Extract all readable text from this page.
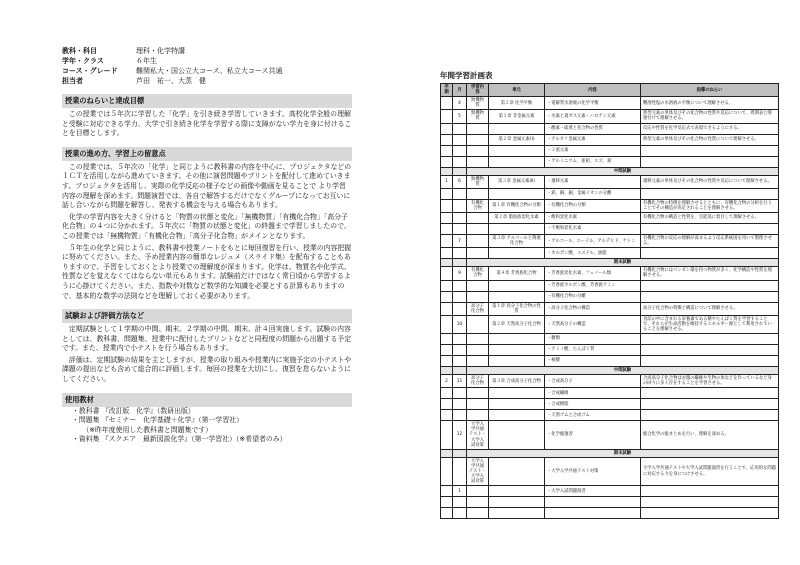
教科・科目	理科・化学特講
学年・クラス	６年生
コース・グレード	難関私大・国公立大コース、私立大コース共通
担当者	芦田　祐一、大蒸　健
授業のねらいと達成目標
この授業では５年次に学習した「化学」を引き続き学習していきます。高校化学全般の理解と受験に対応できる学力、大学で引き続き化学を学習する際に支障がない学力を身に付けることを目標とします。
授業の進め方、学習上の留意点
この授業では、５年次の「化学」と同じように教科書の内容を中心に、プロジェクタなどのＩＣＴを活用しながら進めていきます。その他に演習問題やプリントを配付して進めていきます。プロジェクタを活用し、実際の化学反応の様子などの画像や動画を見ることで より学習内容の理解を深めます。問題演習では、各自で解答するだけでなくグループになってお互いに話し合いながら問題を解答し、発表する機会を与える場合もあります。
化学の学習内容を大きく分けると「物質の状態と変化」「無機物質」「有機化合物」「高分子化合物」の４つに分かれます。５年次に「物質の状態と変化」の終盤まで学習しましたので、この授業では「無機物質」「有機化合物」「高分子化合物」がメインとなります。
５年生の化学と同じように、教科書や授業ノートをもとに毎回復習を行い、授業の内容把握に努めてください。また、予め授業内容の簡単なレジュメ（スライド集）を配布することもありますので、予習をしておくとより授業での理解度が深まります。化学は、物質名や化学式、性質などを覚えなくてはならない単元もあります。試験前だけではなく常日頃から学習するように心掛けてください。また、指数や対数など数学的な知識を必要とする計算もありますので、基本的な数学の法則などを理解しておく必要があります。
試験および評価方法など
定期試験として１学期の中間、期末、２学期の中間、期末、計４回実施します。試験の内容としては、教科書、問題集、授業中に配付したプリントなどと同程度の問題から出題する予定です。また、授業内で小テストを行う場合もあります。
評価は、定期試験の結果を主としますが、授業の取り組みや授業内に実施予定の小テストや課題の提出なども含めて総合的に評価します。毎回の授業を大切にし、復習を怠らないようにしてください。
使用教材
・教科書 『改訂版　化学』（数研出版）
・問題集 『セミナー　化学基礎＋化学』（第一学習社）
　　（※昨年度使用した教科書と問題集です）
・資料集 『スクエア　最新図説化学』（第一学習社）（※希望者のみ）
年間学習計画表
学期	月	学習内容	単元	内容	指導のねらい
	4	無機物質	第２章 化学平衡	・電解質水溶液の化学平衡	難溶性塩の水溶液の平衡について理解させる。
	5	無機物質	第１章 非金属元素	・水素と貴ガス元素・ハロゲン元素	典型元素の単体及びその化合物の性質や反応について、周期表と関連付けて理解させる。
				・酸素・硫黄と化合物の性質	反応や性質を化学反応式で表現できるようにする。
			第２章 金属元素(Ⅰ)	・アルカリ金属元素	典型元素の単体及びその化合物の性質について理解させる。
				・２族元素	
				・アルミニウム、亜鉛、スズ、鉛	
		中間試験			
1	6	無機物質	第３章 金属元素(Ⅱ)	・遷移元素	遷移元素の単体及びその化合物の性質や反応について理解させる。
				・鉄、銅、銀、金属イオンの分離	
		有機化合物	第１章 有機化合物の分類	・有機化合物の分類	有機化合物の特徴を理解させるとともに、有機化合物の分析を行うことでその構造が決定されることを理解させる。
			第２章 脂肪族炭化水素	・飽和炭化水素	有機化合物の構造と性質を、官能基に着目して理解させる。
				・不飽和炭化水素	
	7		第３章 アルコールと関連化合物	・アルコール、エーテル、アルデヒド、ケトン	有機化合物の反応の理解が深まるよう反応系統図を用いて整理させる。
				・カルボン酸、エステル、油脂	
		期末試験			
	9	有機化合物	第４章 芳香族化合物	・芳香族炭化水素、フェノール類	有機化合物にはベンゼン環を持つ物質が多く、化学構造や性質を理解させる。
				・芳香族カルボン酸、芳香族アミン	
				・有機化合物の分離	
		高分子化合物	第１章 高分子化合物の性質	・高分子化合物の構造	高分子化合物の特徴と構造について理解させる。
	10		第２章 天然高分子化合物	・天然高分子の構造	食品の中に含まれる栄養素である糖やたんぱく質を学習することで、それらが生命活動を維持するエネルギー源として利用されていることを理解させる。
				・糖類	
				・アミノ酸、たんぱく質	
				・核酸	
		中間試験			
2	11	高分子化合物	第３章 合成高分子化合物	・合成高分子	合成高分子化合物は衣服の繊維や生物の体などを作っているなど身の回りに多く存在することを学習させる。
				・合成繊維	
				・合成樹脂	
				・天然ゴムと合成ゴム	
	12	大学入学共通テスト・大学入試対策		・化学総復習	総合化学の総まとめを行い、理解を深める。
		期末試験			
		大学入学共通テスト・大学入試対策		・大学入学共通テスト対策	大学入学共通テストや大学入試問題演習を行うことで、応用的な問題に対応する力を身につけさせる。
	1			・大学入試問題演習	
